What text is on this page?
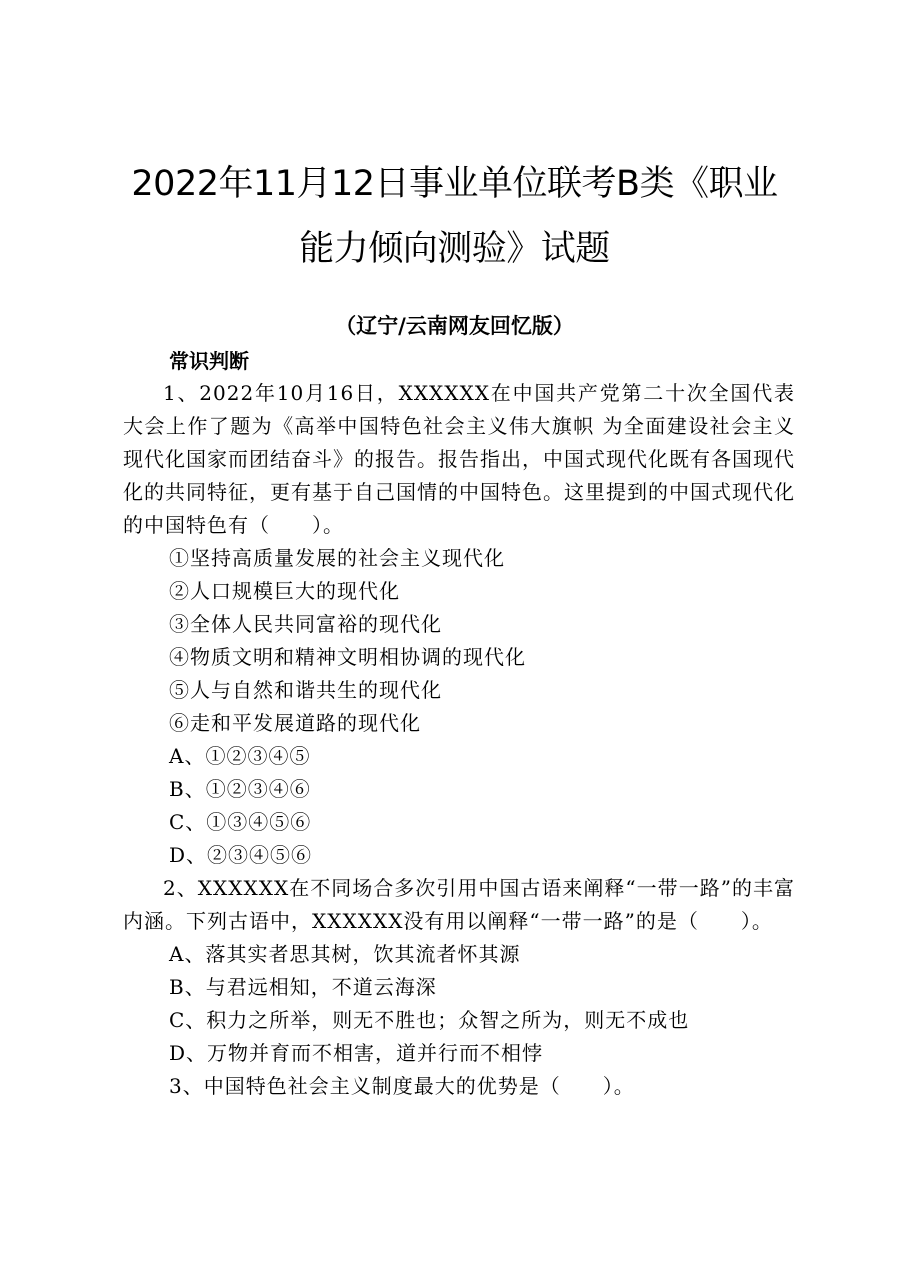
2022年11月12日事业单位联考B类《职业
能力倾向测验》试题
（辽宁/云南网友回忆版）
常识判断

1、2022年10月16日，XXXXXX在中国共产党第二十次全国代表大会上作了题为《高举中国特色社会主义伟大旗帜 为全面建设社会主义现代化国家而团结奋斗》的报告。报告指出，中国式现代化既有各国现代化的共同特征，更有基于自己国情的中国特色。这里提到的中国式现代化的中国特色有（　　）。

①坚持高质量发展的社会主义现代化

②人口规模巨大的现代化

③全体人民共同富裕的现代化

④物质文明和精神文明相协调的现代化

⑤人与自然和谐共生的现代化

⑥走和平发展道路的现代化

A、①②③④⑤

B、①②③④⑥

C、①③④⑤⑥

D、②③④⑤⑥

2、XXXXXX在不同场合多次引用中国古语来阐释“一带一路”的丰富内涵。下列古语中，XXXXXX没有用以阐释“一带一路”的是（　　）。

A、落其实者思其树，饮其流者怀其源

B、与君远相知，不道云海深

C、积力之所举，则无不胜也；众智之所为，则无不成也

D、万物并育而不相害，道并行而不相悖

3、中国特色社会主义制度最大的优势是（　　）。
